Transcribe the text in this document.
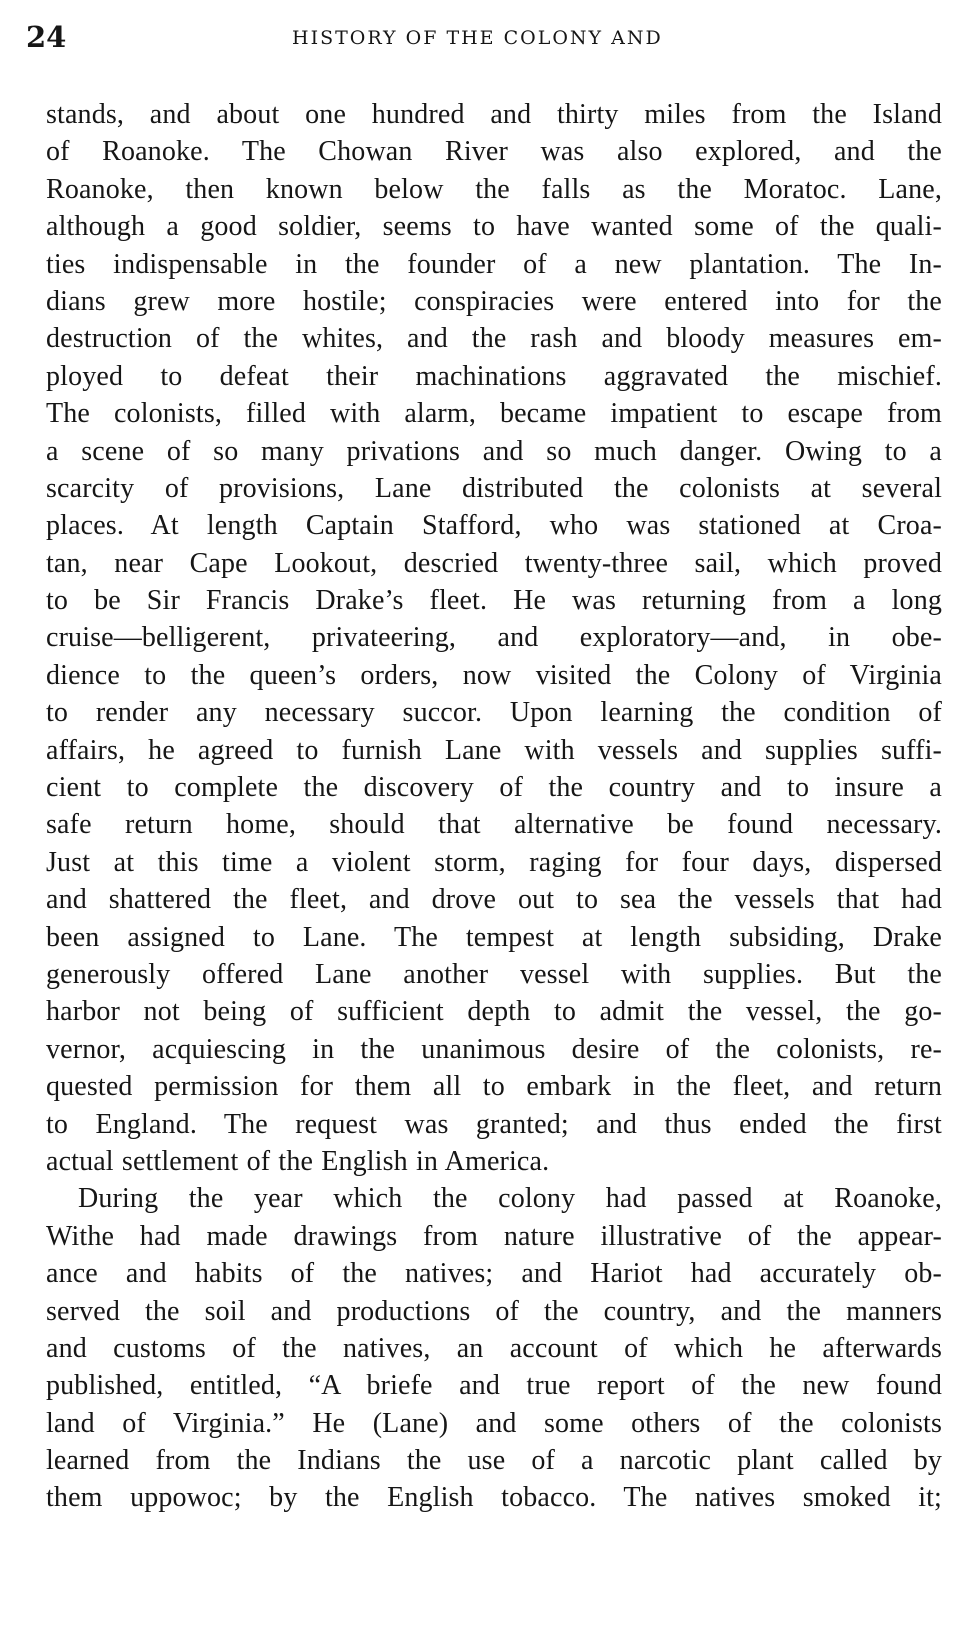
24	HISTORY OF THE COLONY AND
stands, and about one hundred and thirty miles from the Island
of Roanoke. The Chowan River was also explored, and the
Roanoke, then known below the falls as the Moratoc. Lane,
although a good soldier, seems to have wanted some of the quali-
ties indispensable in the founder of a new plantation. The In-
dians grew more hostile; conspiracies were entered into for the
destruction of the whites, and the rash and bloody measures em-
ployed to defeat their machinations aggravated the mischief.
The colonists, filled with alarm, became impatient to escape from
a scene of so many privations and so much danger. Owing to a
scarcity of provisions, Lane distributed the colonists at several
places. At length Captain Stafford, who was stationed at Croa-
tan, near Cape Lookout, descried twenty-three sail, which proved
to be Sir Francis Drake’s fleet. He was returning from a long
cruise—belligerent, privateering, and exploratory—and, in obe-
dience to the queen’s orders, now visited the Colony of Virginia
to render any necessary succor. Upon learning the condition of
affairs, he agreed to furnish Lane with vessels and supplies suffi-
cient to complete the discovery of the country and to insure a
safe return home, should that alternative be found necessary.
Just at this time a violent storm, raging for four days, dispersed
and shattered the fleet, and drove out to sea the vessels that had
been assigned to Lane. The tempest at length subsiding, Drake
generously offered Lane another vessel with supplies. But the
harbor not being of sufficient depth to admit the vessel, the go-
vernor, acquiescing in the unanimous desire of the colonists, re-
quested permission for them all to embark in the fleet, and return
to England. The request was granted; and thus ended the first
actual settlement of the English in America.
During the year which the colony had passed at Roanoke,
Withe had made drawings from nature illustrative of the appear-
ance and habits of the natives; and Hariot had accurately ob-
served the soil and productions of the country, and the manners
and customs of the natives, an account of which he afterwards
published, entitled, “A briefe and true report of the new found
land of Virginia.” He (Lane) and some others of the colonists
learned from the Indians the use of a narcotic plant called by
them uppowoc; by the English tobacco. The natives smoked it;
